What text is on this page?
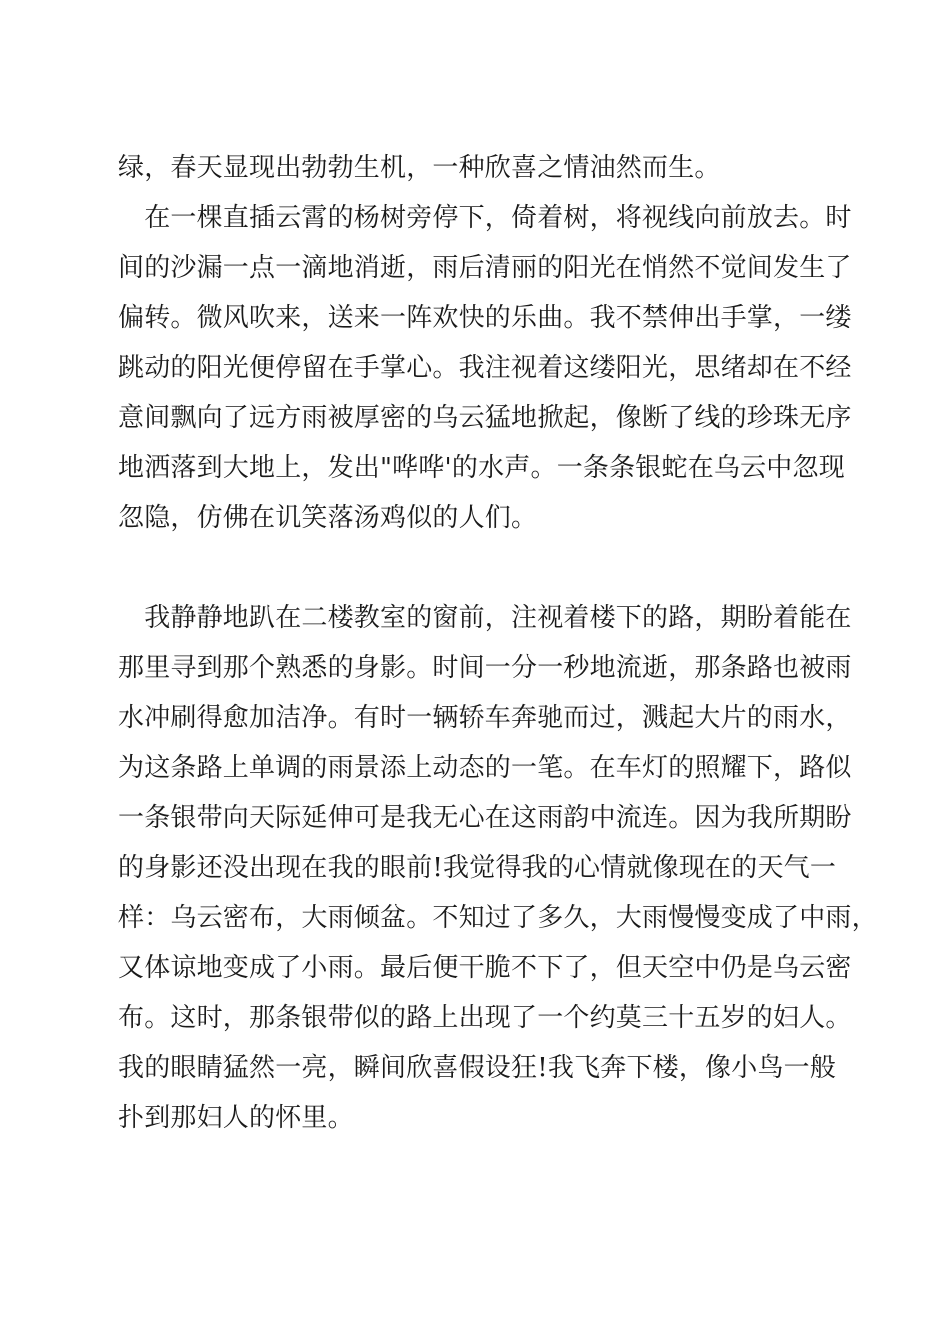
绿，春天显现出勃勃生机，一种欣喜之情油然而生。

　在一棵直插云霄的杨树旁停下，倚着树，将视线向前放去。时

间的沙漏一点一滴地消逝，雨后清丽的阳光在悄然不觉间发生了

偏转。微风吹来，送来一阵欢快的乐曲。我不禁伸出手掌，一缕

跳动的阳光便停留在手掌心。我注视着这缕阳光，思绪却在不经

意间飘向了远方雨被厚密的乌云猛地掀起，像断了线的珍珠无序

地洒落到大地上，发出"哗哗'的水声。一条条银蛇在乌云中忽现

忽隐，仿佛在讥笑落汤鸡似的人们。

　我静静地趴在二楼教室的窗前，注视着楼下的路，期盼着能在

那里寻到那个熟悉的身影。时间一分一秒地流逝，那条路也被雨

水冲刷得愈加洁净。有时一辆轿车奔驰而过，溅起大片的雨水，

为这条路上单调的雨景添上动态的一笔。在车灯的照耀下，路似

一条银带向天际延伸可是我无心在这雨韵中流连。因为我所期盼

的身影还没出现在我的眼前!我觉得我的心情就像现在的天气一

样：乌云密布，大雨倾盆。不知过了多久，大雨慢慢变成了中雨，

又体谅地变成了小雨。最后便干脆不下了，但天空中仍是乌云密

布。这时，那条银带似的路上出现了一个约莫三十五岁的妇人。

我的眼睛猛然一亮，瞬间欣喜假设狂!我飞奔下楼，像小鸟一般

扑到那妇人的怀里。
